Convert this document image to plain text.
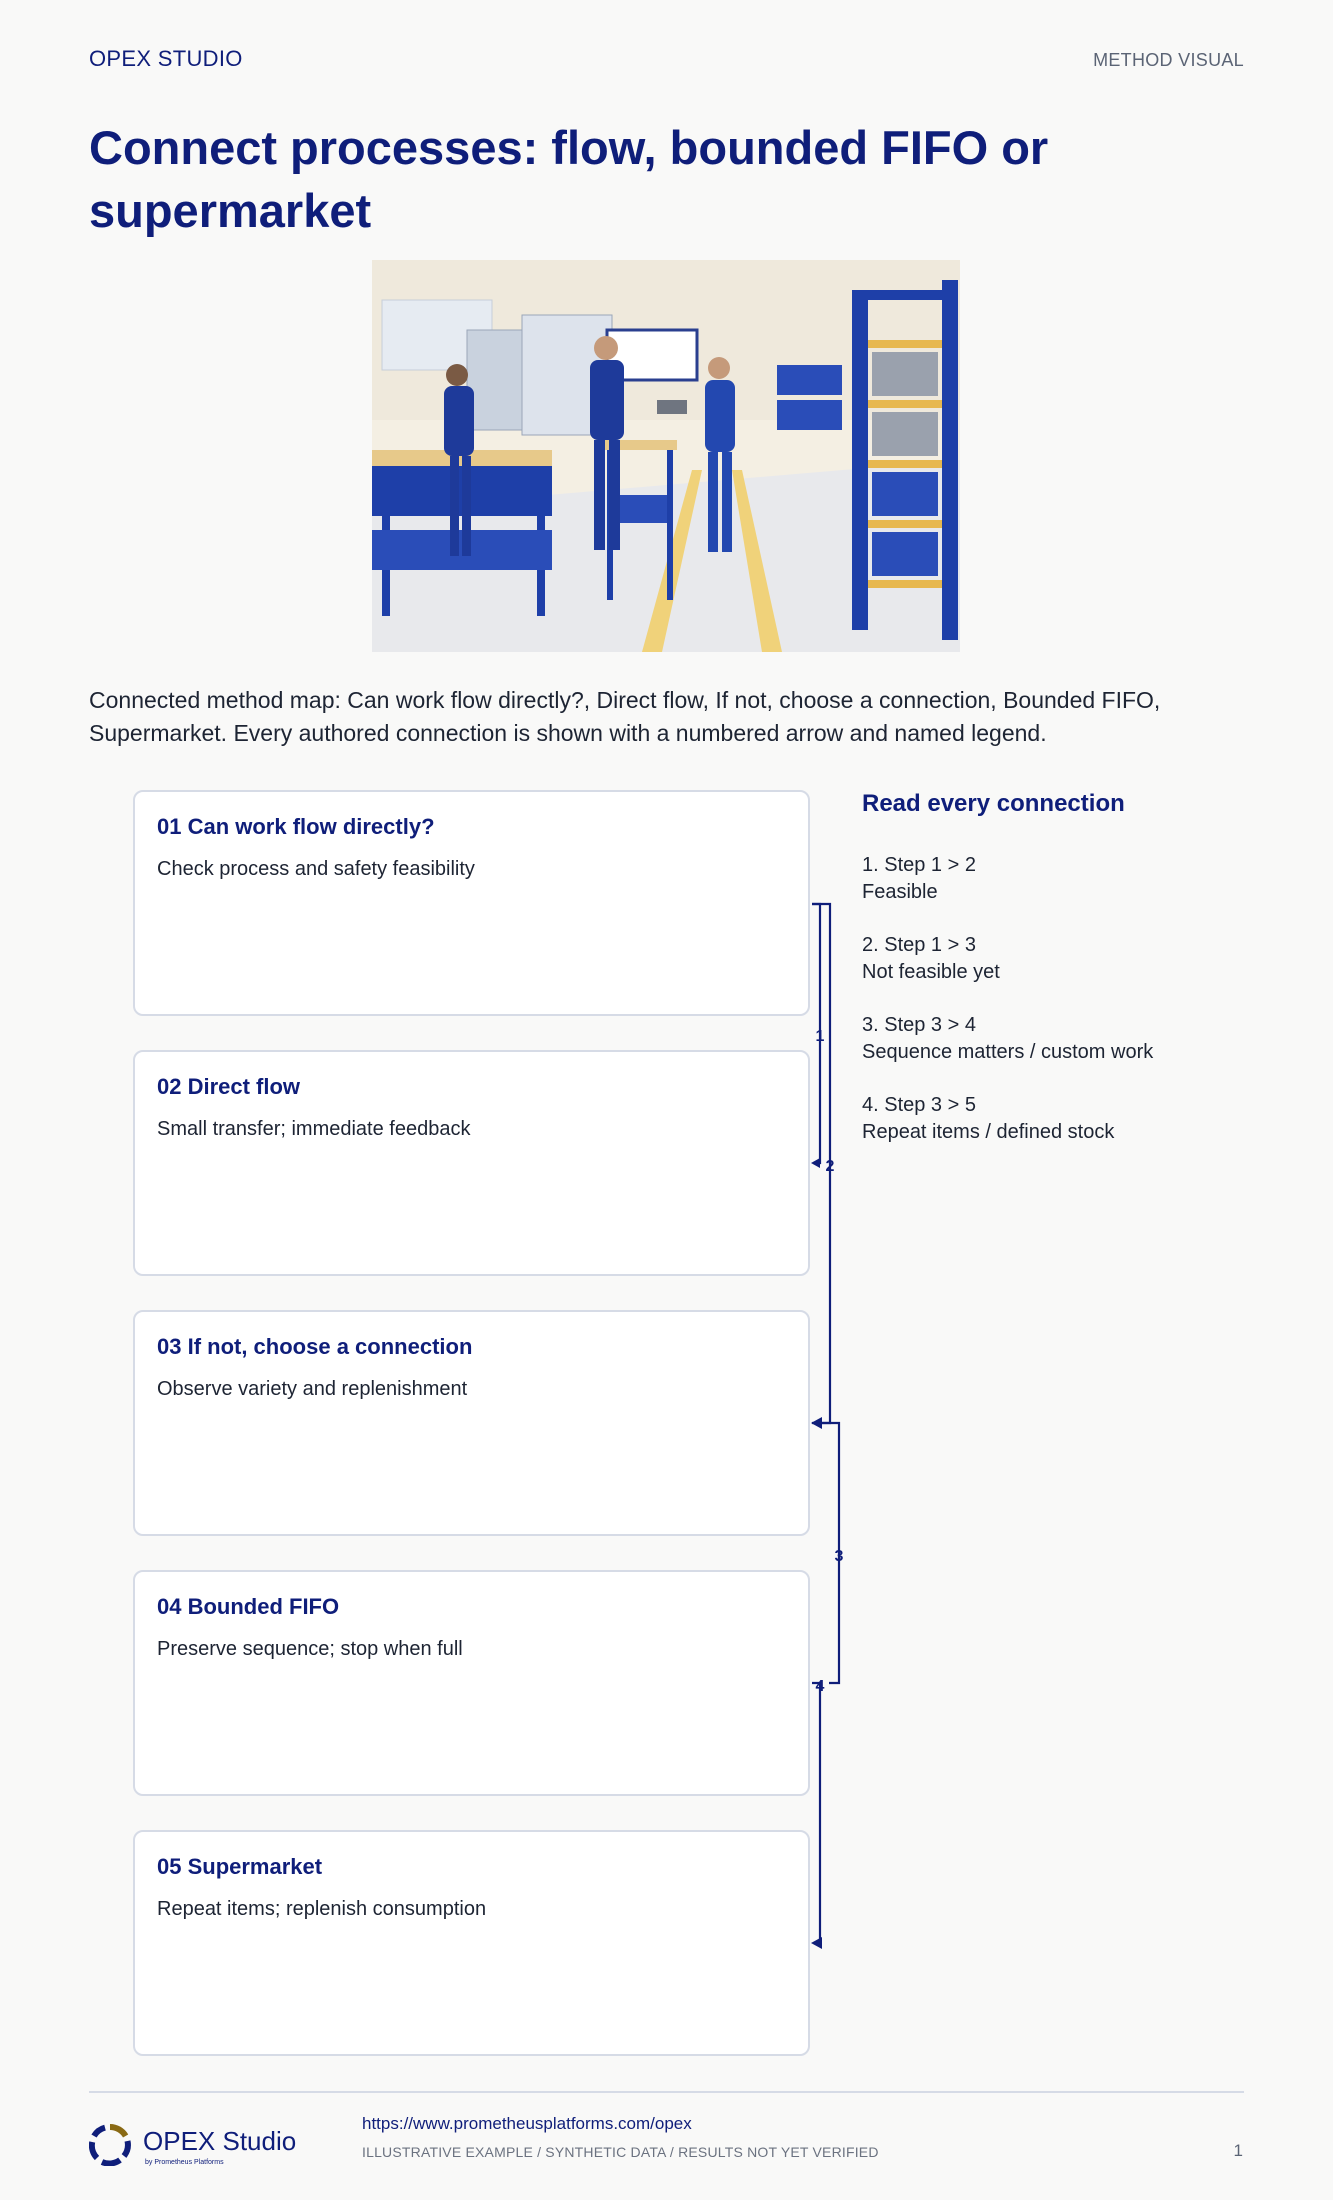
OPEX STUDIO	METHOD VISUAL
Connect processes: flow, bounded FIFO or supermarket

Connected method map: Can work flow directly?, Direct flow, If not, choose a connection, Bounded FIFO, Supermarket. Every authored connection is shown with a numbered arrow and named legend.

01 Can work flow directly?
Check process and safety feasibility
02 Direct flow
Small transfer; immediate feedback
03 If not, choose a connection
Observe variety and replenishment
04 Bounded FIFO
Preserve sequence; stop when full
05 Supermarket
Repeat items; replenish consumption
1
2
3
4
Read every connection
1. Step 1 > 2
Feasible
2. Step 1 > 3
Not feasible yet
3. Step 3 > 4
Sequence matters / custom work
4. Step 3 > 5
Repeat items / defined stock
OPEX Studio
by Prometheus Platforms
https://www.prometheusplatforms.com/opex
ILLUSTRATIVE EXAMPLE / SYNTHETIC DATA / RESULTS NOT YET VERIFIED	1
